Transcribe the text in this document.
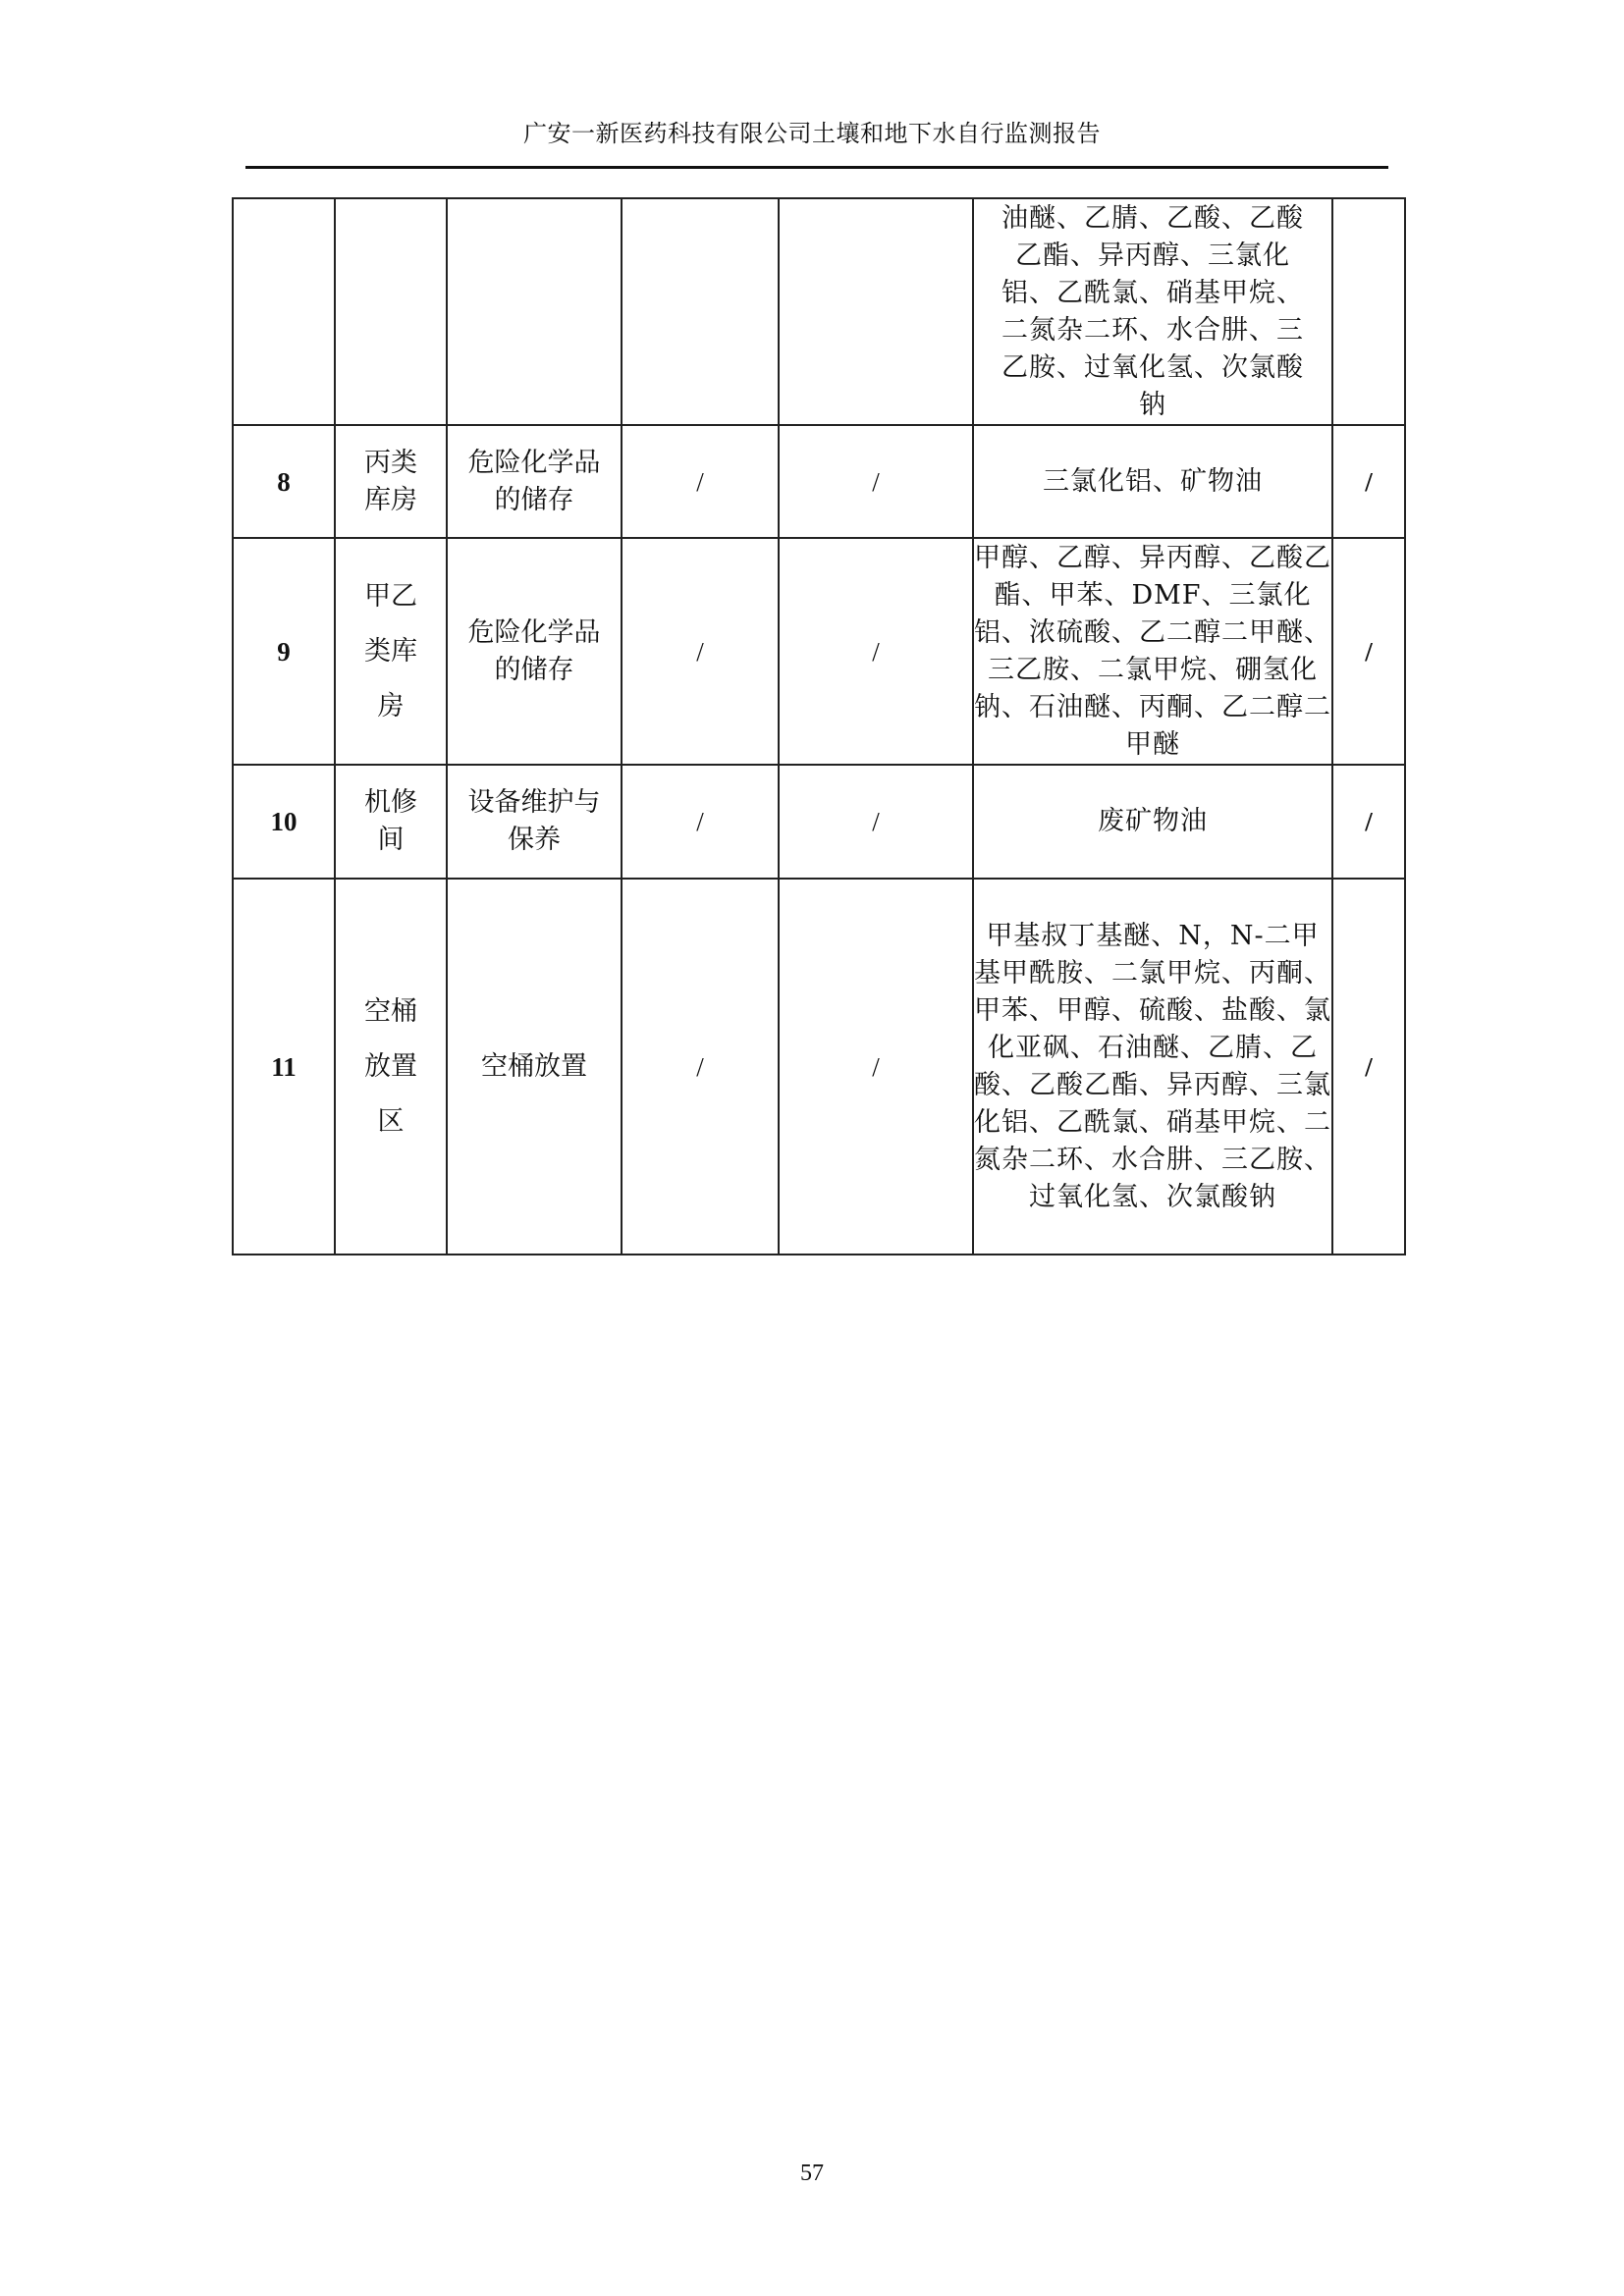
广安一新医药科技有限公司土壤和地下水自行监测报告
					油醚、乙腈、乙酸、乙酸乙酯、异丙醇、三氯化铝、乙酰氯、硝基甲烷、二氮杂二环、水合肼、三乙胺、过氧化氢、次氯酸钠	
8	丙类库房	危险化学品的储存	/	/	三氯化铝、矿物油	/
9	甲乙类库房	危险化学品的储存	/	/	甲醇、乙醇、异丙醇、乙酸乙酯、甲苯、DMF、三氯化铝、浓硫酸、乙二醇二甲醚、三乙胺、二氯甲烷、硼氢化钠、石油醚、丙酮、乙二醇二甲醚	/
10	机修间	设备维护与保养	/	/	废矿物油	/
11	空桶放置区	空桶放置	/	/	甲基叔丁基醚、N，N-二甲基甲酰胺、二氯甲烷、丙酮、甲苯、甲醇、硫酸、盐酸、氯化亚砜、石油醚、乙腈、乙酸、乙酸乙酯、异丙醇、三氯化铝、乙酰氯、硝基甲烷、二氮杂二环、水合肼、三乙胺、过氧化氢、次氯酸钠	/
57
